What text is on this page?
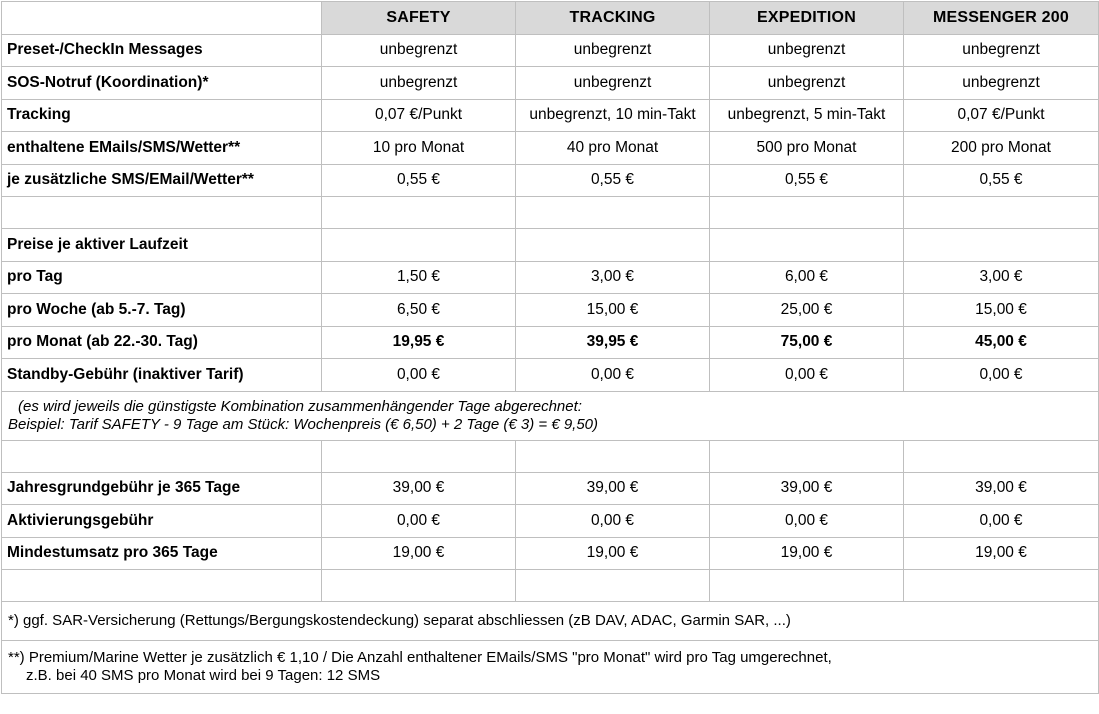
	SAFETY	TRACKING	EXPEDITION	MESSENGER 200
Preset-/CheckIn Messages	unbegrenzt	unbegrenzt	unbegrenzt	unbegrenzt
SOS-Notruf (Koordination)*	unbegrenzt	unbegrenzt	unbegrenzt	unbegrenzt
Tracking	0,07 €/Punkt	unbegrenzt, 10 min-Takt	unbegrenzt, 5 min-Takt	0,07 €/Punkt
enthaltene EMails/SMS/Wetter**	10 pro Monat	40 pro Monat	500 pro Monat	200 pro Monat
je zusätzliche SMS/EMail/Wetter**	0,55 €	0,55 €	0,55 €	0,55 €

Preise je aktiver Laufzeit				
pro Tag	1,50 €	3,00 €	6,00 €	3,00 €
pro Woche (ab 5.-7. Tag)	6,50 €	15,00 €	25,00 €	15,00 €
pro Monat (ab 22.-30. Tag)	19,95 €	39,95 €	75,00 €	45,00 €
Standby-Gebühr (inaktiver Tarif)	0,00 €	0,00 €	0,00 €	0,00 €

(es wird jeweils die günstigste Kombination zusammenhängender Tage abgerechnet:
Beispiel: Tarif SAFETY - 9 Tage am Stück: Wochenpreis (€ 6,50) + 2 Tage (€ 3) = € 9,50)				

Jahresgrundgebühr je 365 Tage	39,00 €	39,00 €	39,00 €	39,00 €
Aktivierungsgebühr	0,00 €	0,00 €	0,00 €	0,00 €
Mindestumsatz pro 365 Tage	19,00 €	19,00 €	19,00 €	19,00 €

*) ggf. SAR-Versicherung (Rettungs/Bergungskostendeckung) separat abschliessen (zB DAV, ADAC, Garmin SAR, ...)				

**) Premium/Marine Wetter je zusätzlich € 1,10 / Die Anzahl enthaltener EMails/SMS "pro Monat" wird pro Tag umgerechnet,
z.B. bei 40 SMS pro Monat wird bei 9 Tagen: 12 SMS				
